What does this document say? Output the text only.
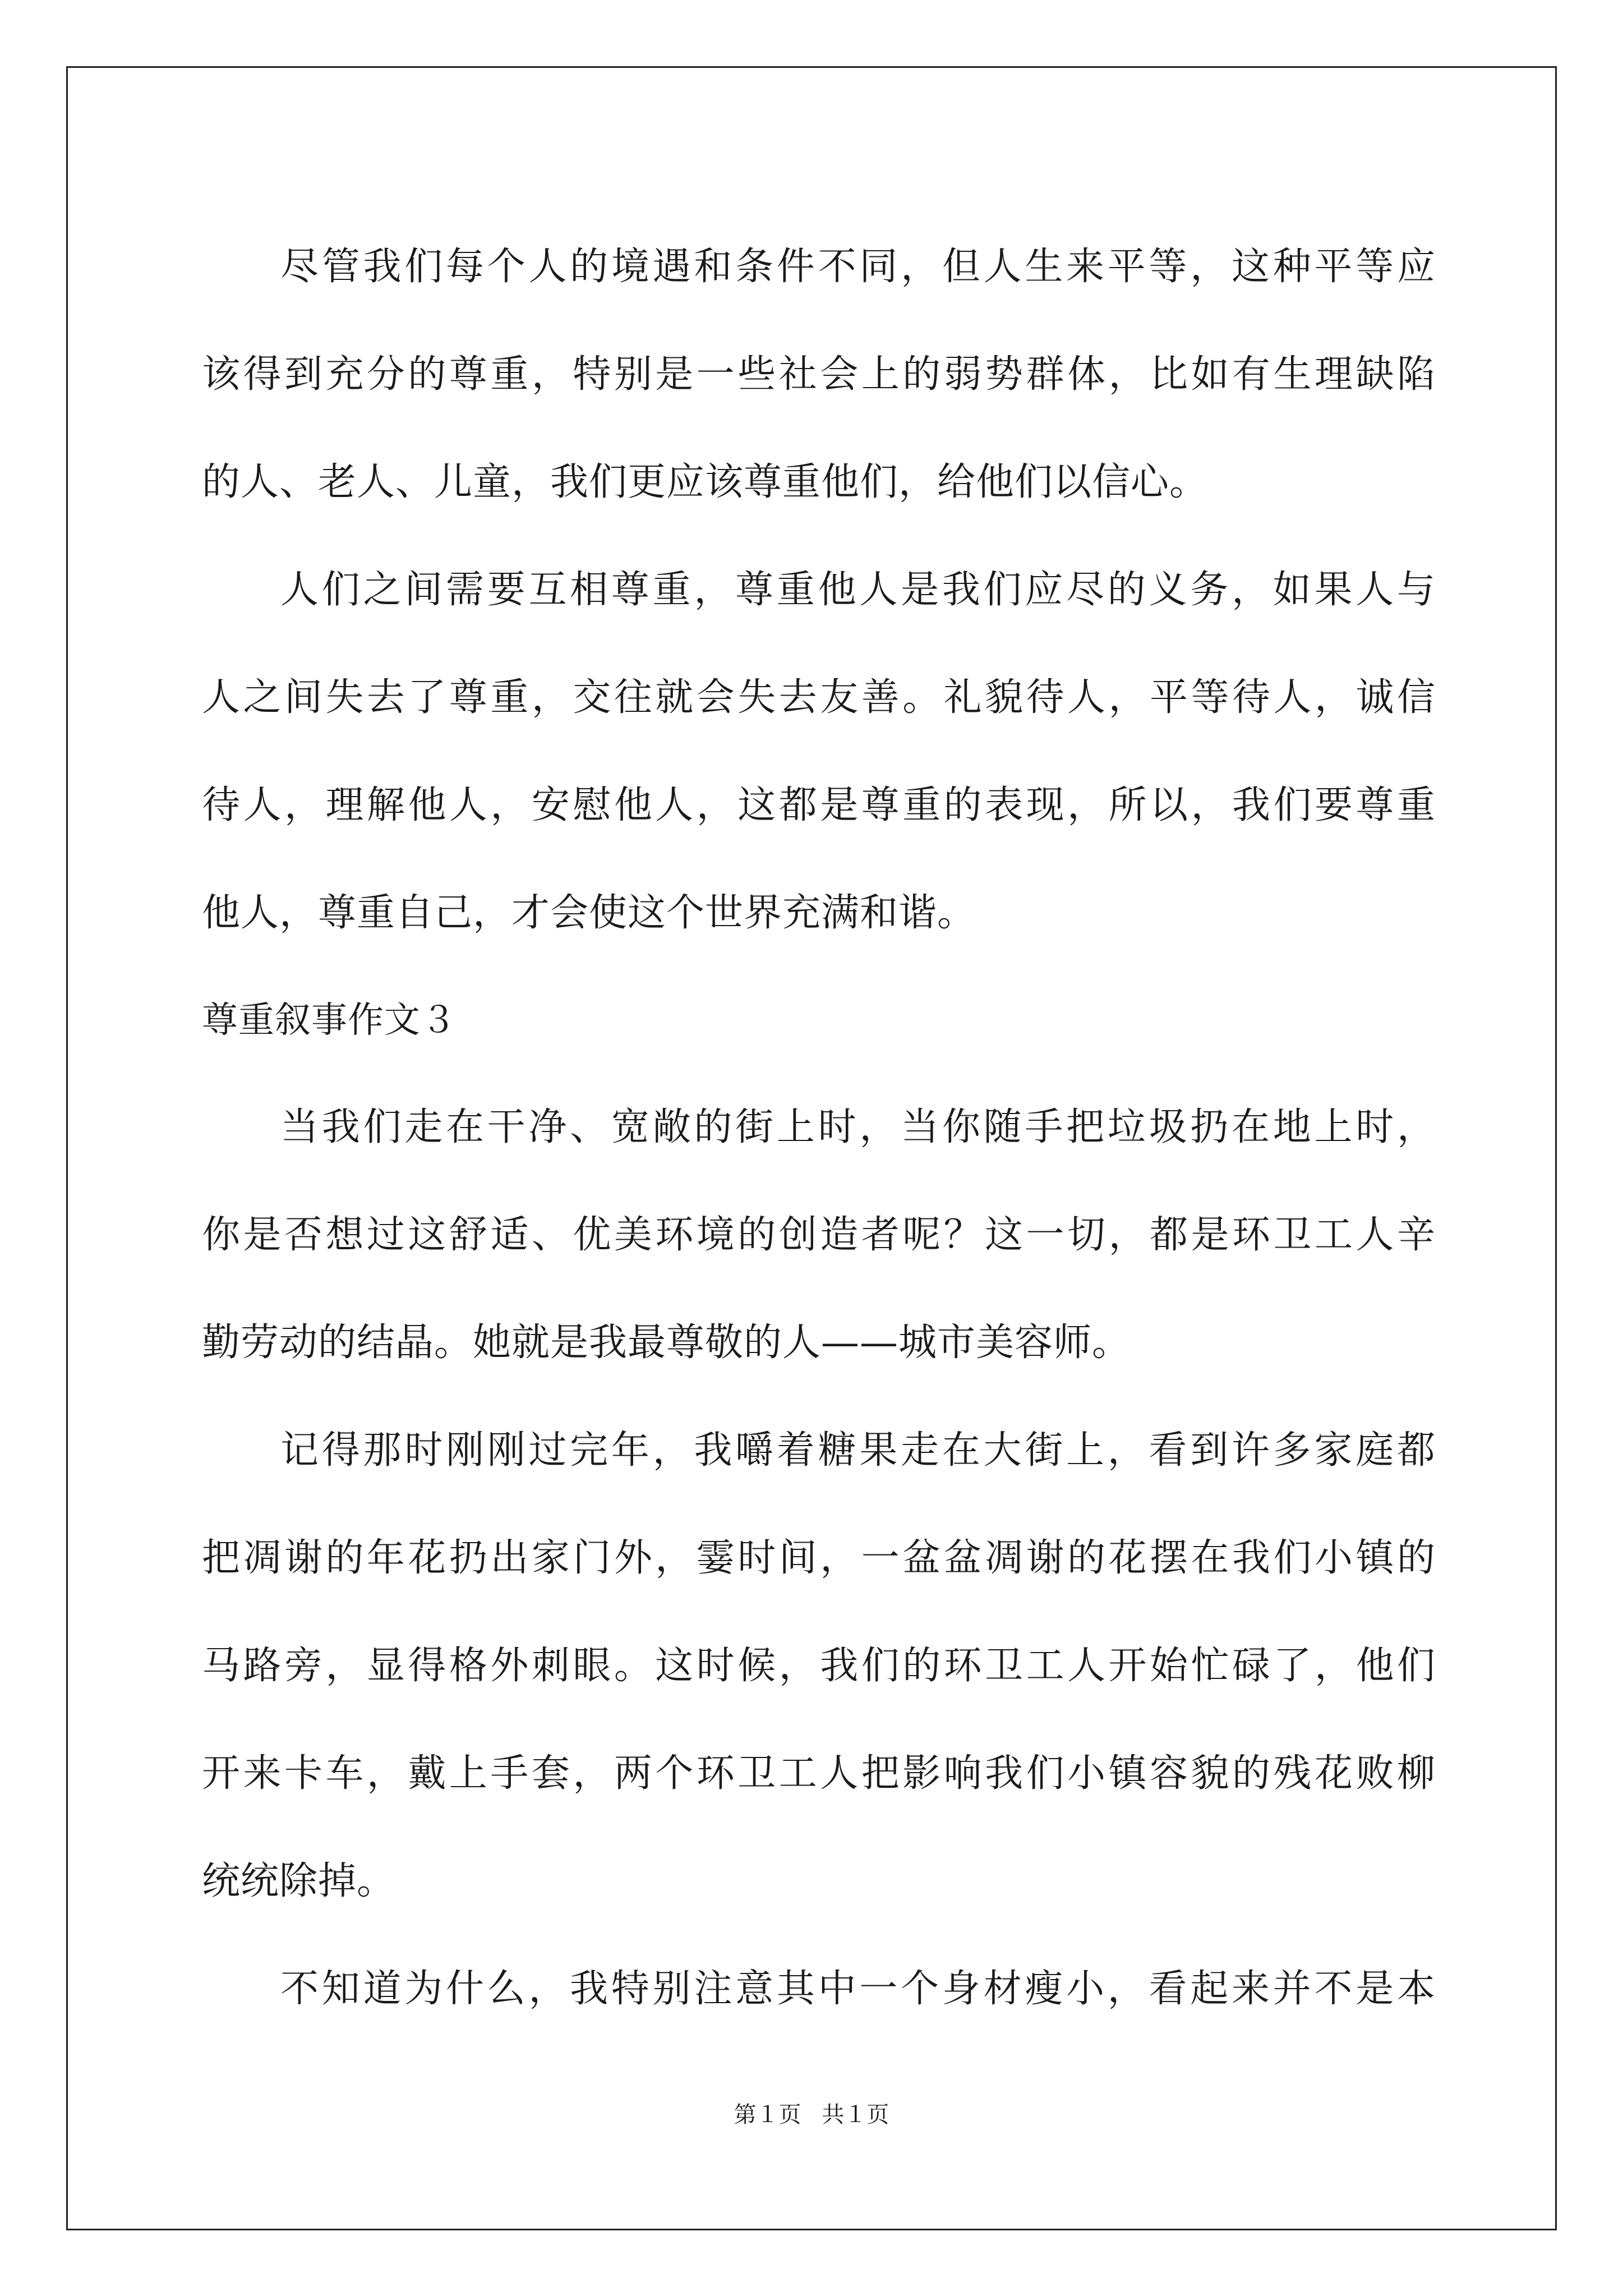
尽管我们每个人的境遇和条件不同，但人生来平等，这种平等应
该得到充分的尊重，特别是一些社会上的弱势群体，比如有生理缺陷
的人、老人、儿童，我们更应该尊重他们，给他们以信心。
人们之间需要互相尊重，尊重他人是我们应尽的义务，如果人与
人之间失去了尊重，交往就会失去友善。礼貌待人，平等待人，诚信
待人，理解他人，安慰他人，这都是尊重的表现，所以，我们要尊重
他人，尊重自己，才会使这个世界充满和谐。
尊重叙事作文３
当我们走在干净、宽敞的街上时，当你随手把垃圾扔在地上时，
你是否想过这舒适、优美环境的创造者呢？这一切，都是环卫工人辛
勤劳动的结晶。她就是我最尊敬的人——城市美容师。
记得那时刚刚过完年，我嚼着糖果走在大街上，看到许多家庭都
把凋谢的年花扔出家门外，霎时间，一盆盆凋谢的花摆在我们小镇的
马路旁，显得格外刺眼。这时候，我们的环卫工人开始忙碌了，他们
开来卡车，戴上手套，两个环卫工人把影响我们小镇容貌的残花败柳
统统除掉。
不知道为什么，我特别注意其中一个身材瘦小，看起来并不是本
第１页 共１页
